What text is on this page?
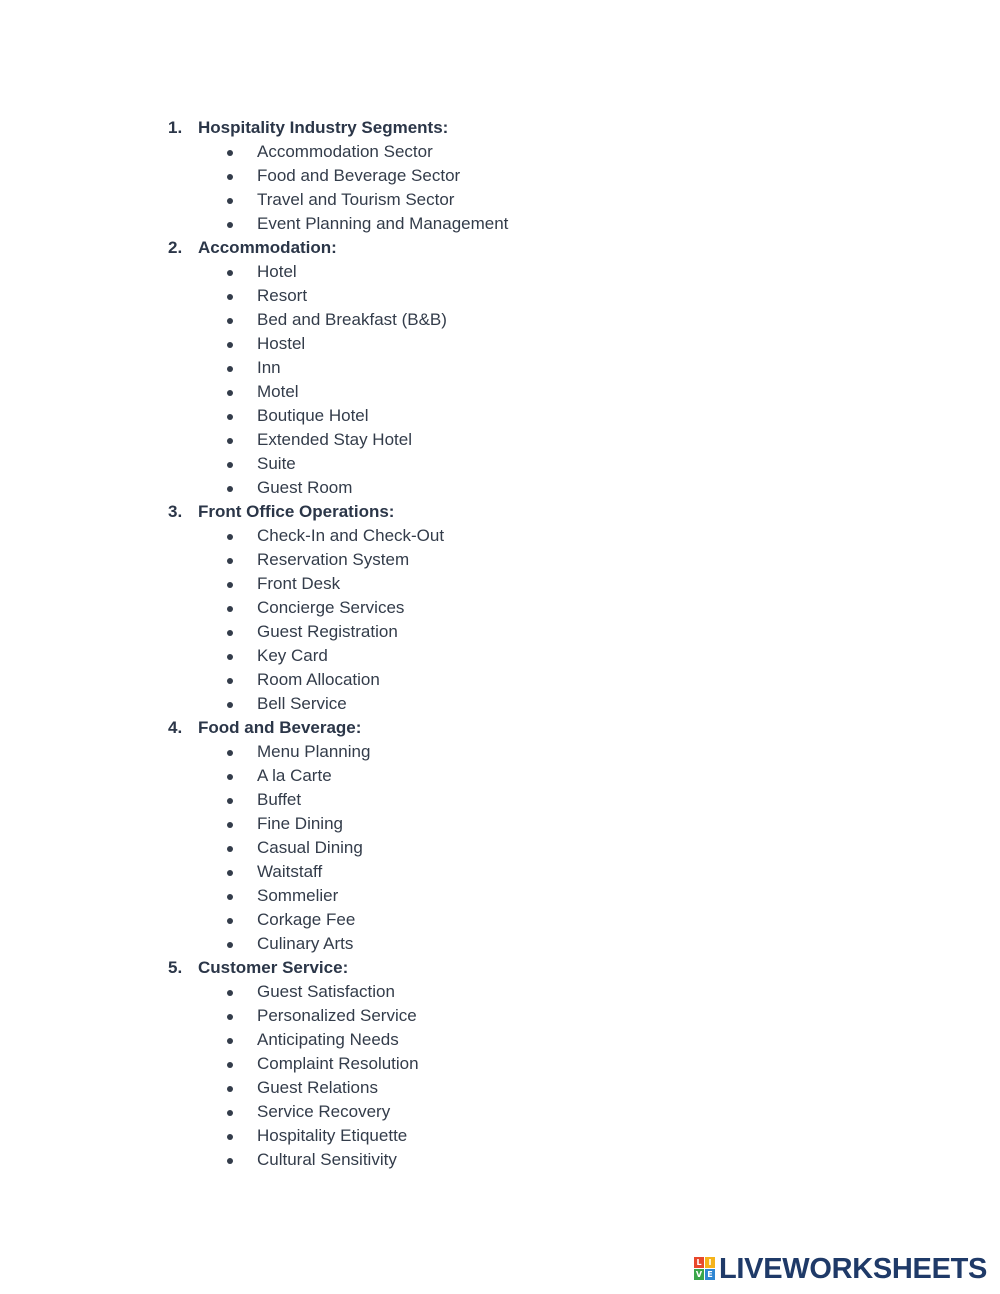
1. Hospitality Industry Segments:
Accommodation Sector
Food and Beverage Sector
Travel and Tourism Sector
Event Planning and Management
2. Accommodation:
Hotel
Resort
Bed and Breakfast (B&B)
Hostel
Inn
Motel
Boutique Hotel
Extended Stay Hotel
Suite
Guest Room
3. Front Office Operations:
Check-In and Check-Out
Reservation System
Front Desk
Concierge Services
Guest Registration
Key Card
Room Allocation
Bell Service
4. Food and Beverage:
Menu Planning
A la Carte
Buffet
Fine Dining
Casual Dining
Waitstaff
Sommelier
Corkage Fee
Culinary Arts
5. Customer Service:
Guest Satisfaction
Personalized Service
Anticipating Needs
Complaint Resolution
Guest Relations
Service Recovery
Hospitality Etiquette
Cultural Sensitivity
L I
V E LIVEWORKSHEETS
